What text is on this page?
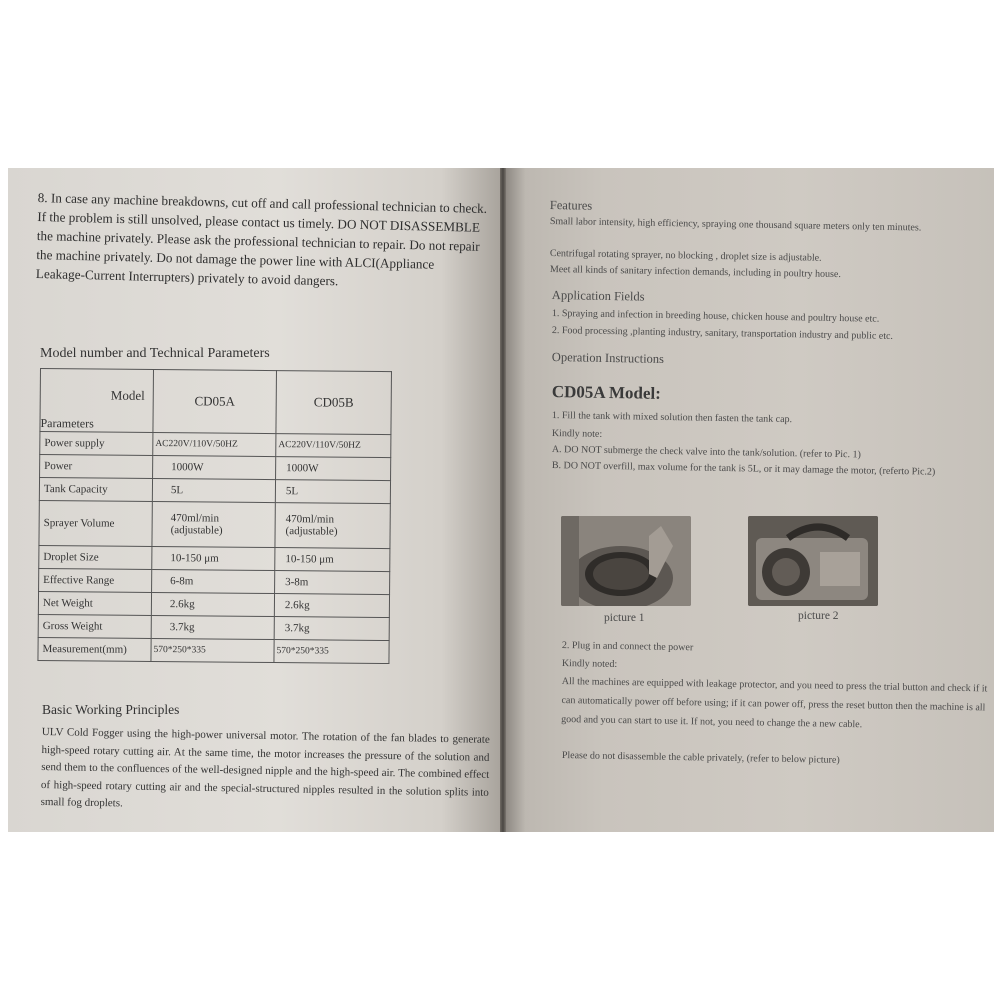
8. In case any machine breakdowns, cut off and call professional technician to check. If the problem is still unsolved, please contact us timely. DO NOT DISASSEMBLE the machine privately. Please ask the professional technician to repair. Do not repair the machine privately. Do not damage the power line with ALCI(Appliance Leakage-Current Interrupters) privately to avoid dangers.

Model number and Technical Parameters
Model
Parameters	CD05A	CD05B
Power supply	AC220V/110V/50HZ	AC220V/110V/50HZ
Power	1000W	1000W
Tank Capacity	5L	5L
Sprayer Volume	470ml/min (adjustable)	470ml/min (adjustable)
Droplet Size	10-150 μm	10-150 μm
Effective Range	6-8m	3-8m
Net Weight	2.6kg	2.6kg
Gross Weight	3.7kg	3.7kg
Measurement(mm)	570*250*335	570*250*335
Basic Working Principles

ULV Cold Fogger using the high-power universal motor. The rotation of the fan blades to generate high-speed rotary cutting air. At the same time, the motor increases the pressure of the solution and send them to the confluences of the well-designed nipple and the high-speed air. The combined effect of high-speed rotary cutting air and the special-structured nipples resulted in the solution splits into small fog droplets.

Features

Small labor intensity, high efficiency, spraying one thousand square meters only ten minutes.

Centrifugal rotating sprayer, no blocking , droplet size is adjustable.

Meet all kinds of sanitary infection demands, including in poultry house.

Application Fields

1. Spraying and infection in breeding house, chicken house and poultry house etc.

2. Food processing ,planting industry, sanitary, transportation industry and public etc.

Operation Instructions

CD05A Model:

1. Fill the tank with mixed solution then fasten the tank cap.

Kindly note:

A. DO NOT submerge the check valve into the tank/solution. (refer to Pic. 1)

B. DO NOT overfill, max volume for the tank is 5L, or it may damage the motor, (referto Pic.2)

picture 1	picture 2

2. Plug in and connect the power

Kindly noted:

All the machines are equipped with leakage protector, and you need to press the trial button and check if it can automatically power off before using; if it can power off, press the reset button then the machine is all good and you can start to use it. If not, you need to change the a new cable.

Please do not disassemble the cable privately, (refer to below picture)
